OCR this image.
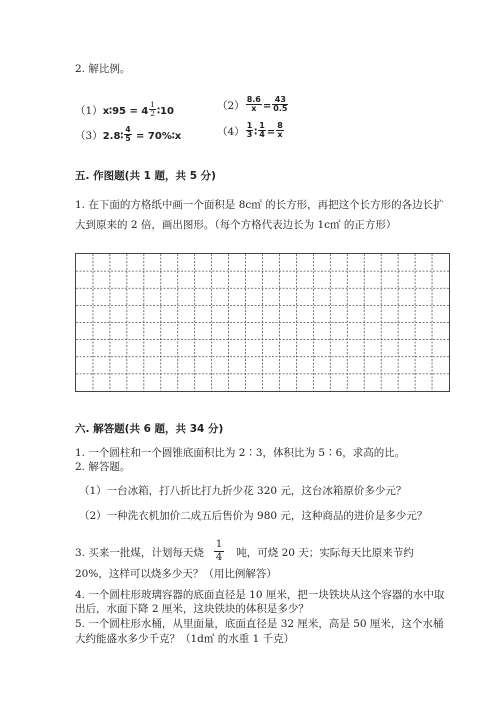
2. 解比例。
（1）x∶95 = $4 \frac{1}{2}$ ∶10	$(2) \frac{8.6}{x} = \frac{43}{0.5}$
（3）2.8∶ $\frac{4}{5}$ = 70%∶x	$(4) \frac{1}{3}$ ∶ $\frac{1}{4} = \frac{8}{x}$
五. 作图题(共 1 题，共 5 分)
1. 在下面的方格纸中画一个面积是 8c㎡ 的长方形，再把这个长方形的各边长扩
大到原来的 2 倍，画出图形。（每个方格代表边长为 1c㎡ 的正方形）
六. 解答题(共 6 题，共 34 分)
1. 一个圆柱和一个圆锥底面积比为 2∶3，体积比为 5∶6，求高的比。
2. 解答题。
（1）一台冰箱，打八折比打九折少花 320 元，这台冰箱原价多少元？
（2）一种洗衣机加价二成五后售价为 980 元，这种商品的进价是多少元？
3. 买来一批煤，计划每天烧 $\frac{1}{4}$ 吨，可烧 20 天；实际每天比原来节约
20%，这样可以烧多少天？（用比例解答）
4. 一个圆柱形玻璃容器的底面直径是 10 厘米，把一块铁块从这个容器的水中取
出后，水面下降 2 厘米，这块铁块的体积是多少？
5. 一个圆柱形水桶，从里面量，底面直径是 32 厘米，高是 50 厘米，这个水桶
大约能盛水多少千克？（1d㎡ 的水重 1 千克）
